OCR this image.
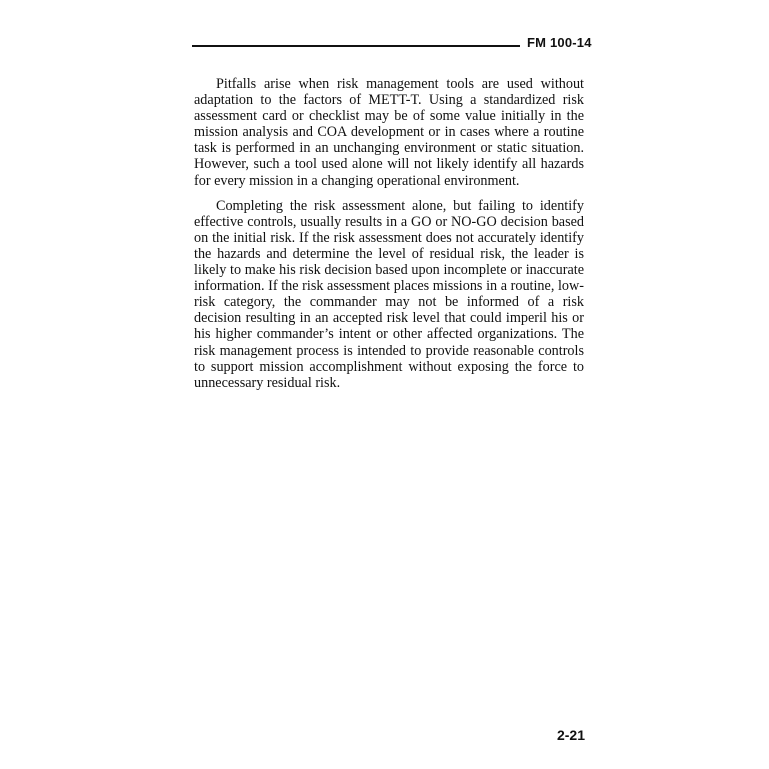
FM 100-14

Pitfalls arise when risk management tools are used without adaptation to the factors of METT-T. Using a standardized risk assessment card or checklist may be of some value initially in the mission analysis and COA development or in cases where a routine task is performed in an unchanging environment or static situation. However, such a tool used alone will not likely identify all hazards for every mission in a changing operational environment.

Completing the risk assessment alone, but failing to identify effective controls, usually results in a GO or NO-GO decision based on the initial risk. If the risk assessment does not accurately identify the hazards and determine the level of residual risk, the leader is likely to make his risk decision based upon incomplete or inaccurate information. If the risk assessment places missions in a routine, low-risk category, the commander may not be informed of a risk decision resulting in an accepted risk level that could imperil his or his higher commander’s intent or other affected organizations. The risk management process is intended to provide reasonable controls to support mission accomplishment without exposing the force to unnecessary residual risk.

2-21
